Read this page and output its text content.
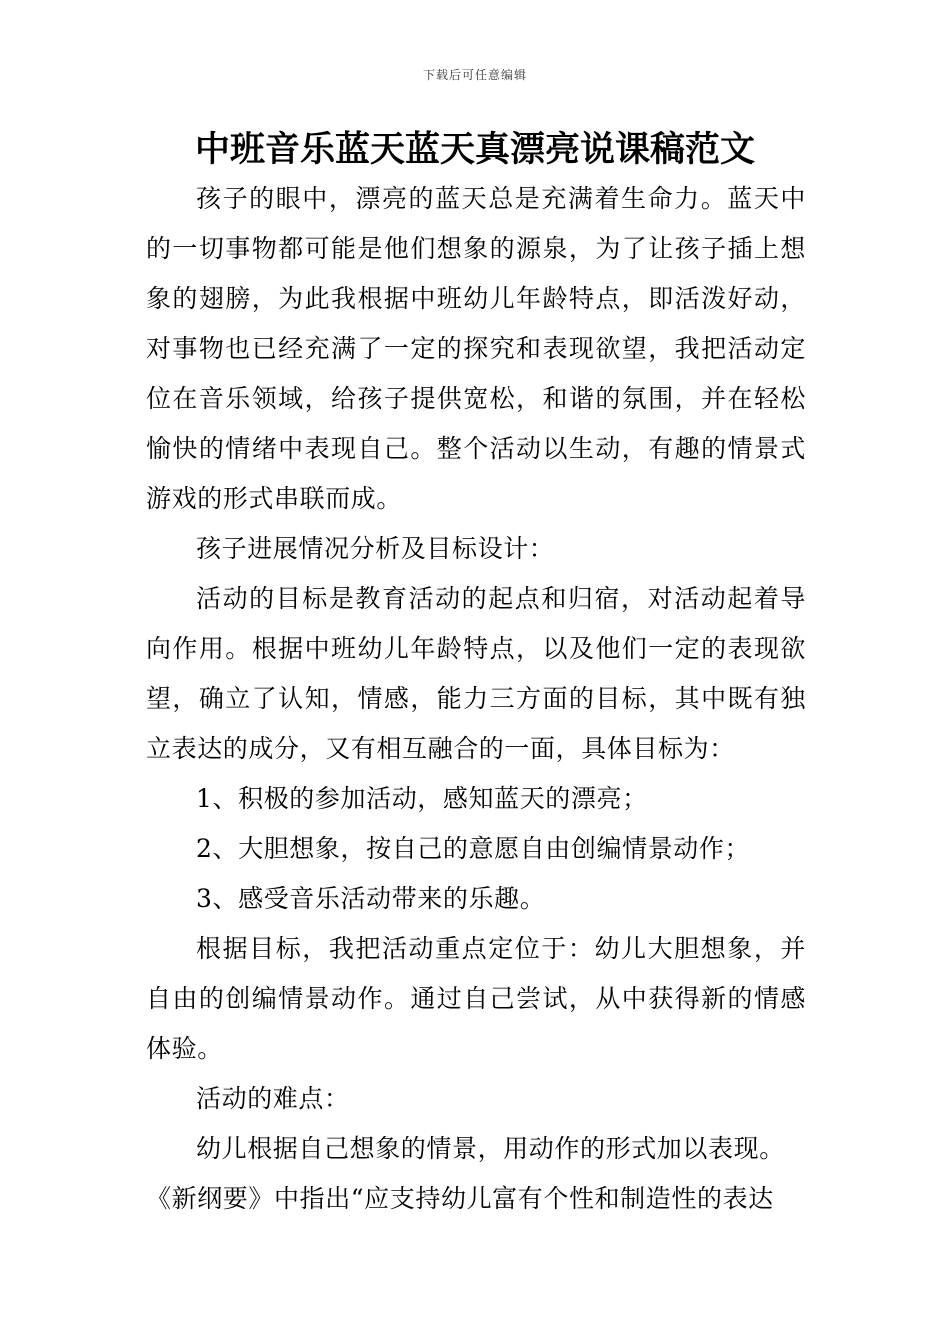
下载后可任意编辑
中班音乐蓝天蓝天真漂亮说课稿范文

孩子的眼中，漂亮的蓝天总是充满着生命力。蓝天中的一切事物都可能是他们想象的源泉，为了让孩子插上想象的翅膀，为此我根据中班幼儿年龄特点，即活泼好动，对事物也已经充满了一定的探究和表现欲望，我把活动定位在音乐领域，给孩子提供宽松，和谐的氛围，并在轻松愉快的情绪中表现自己。整个活动以生动，有趣的情景式游戏的形式串联而成。

孩子进展情况分析及目标设计：

活动的目标是教育活动的起点和归宿，对活动起着导向作用。根据中班幼儿年龄特点，以及他们一定的表现欲望，确立了认知，情感，能力三方面的目标，其中既有独立表达的成分，又有相互融合的一面，具体目标为：

1、积极的参加活动，感知蓝天的漂亮；

2、大胆想象，按自己的意愿自由创编情景动作；

3、感受音乐活动带来的乐趣。

根据目标，我把活动重点定位于：幼儿大胆想象，并自由的创编情景动作。通过自己尝试，从中获得新的情感体验。

活动的难点：

幼儿根据自己想象的情景，用动作的形式加以表现。

《新纲要》中指出“应支持幼儿富有个性和制造性的表达
